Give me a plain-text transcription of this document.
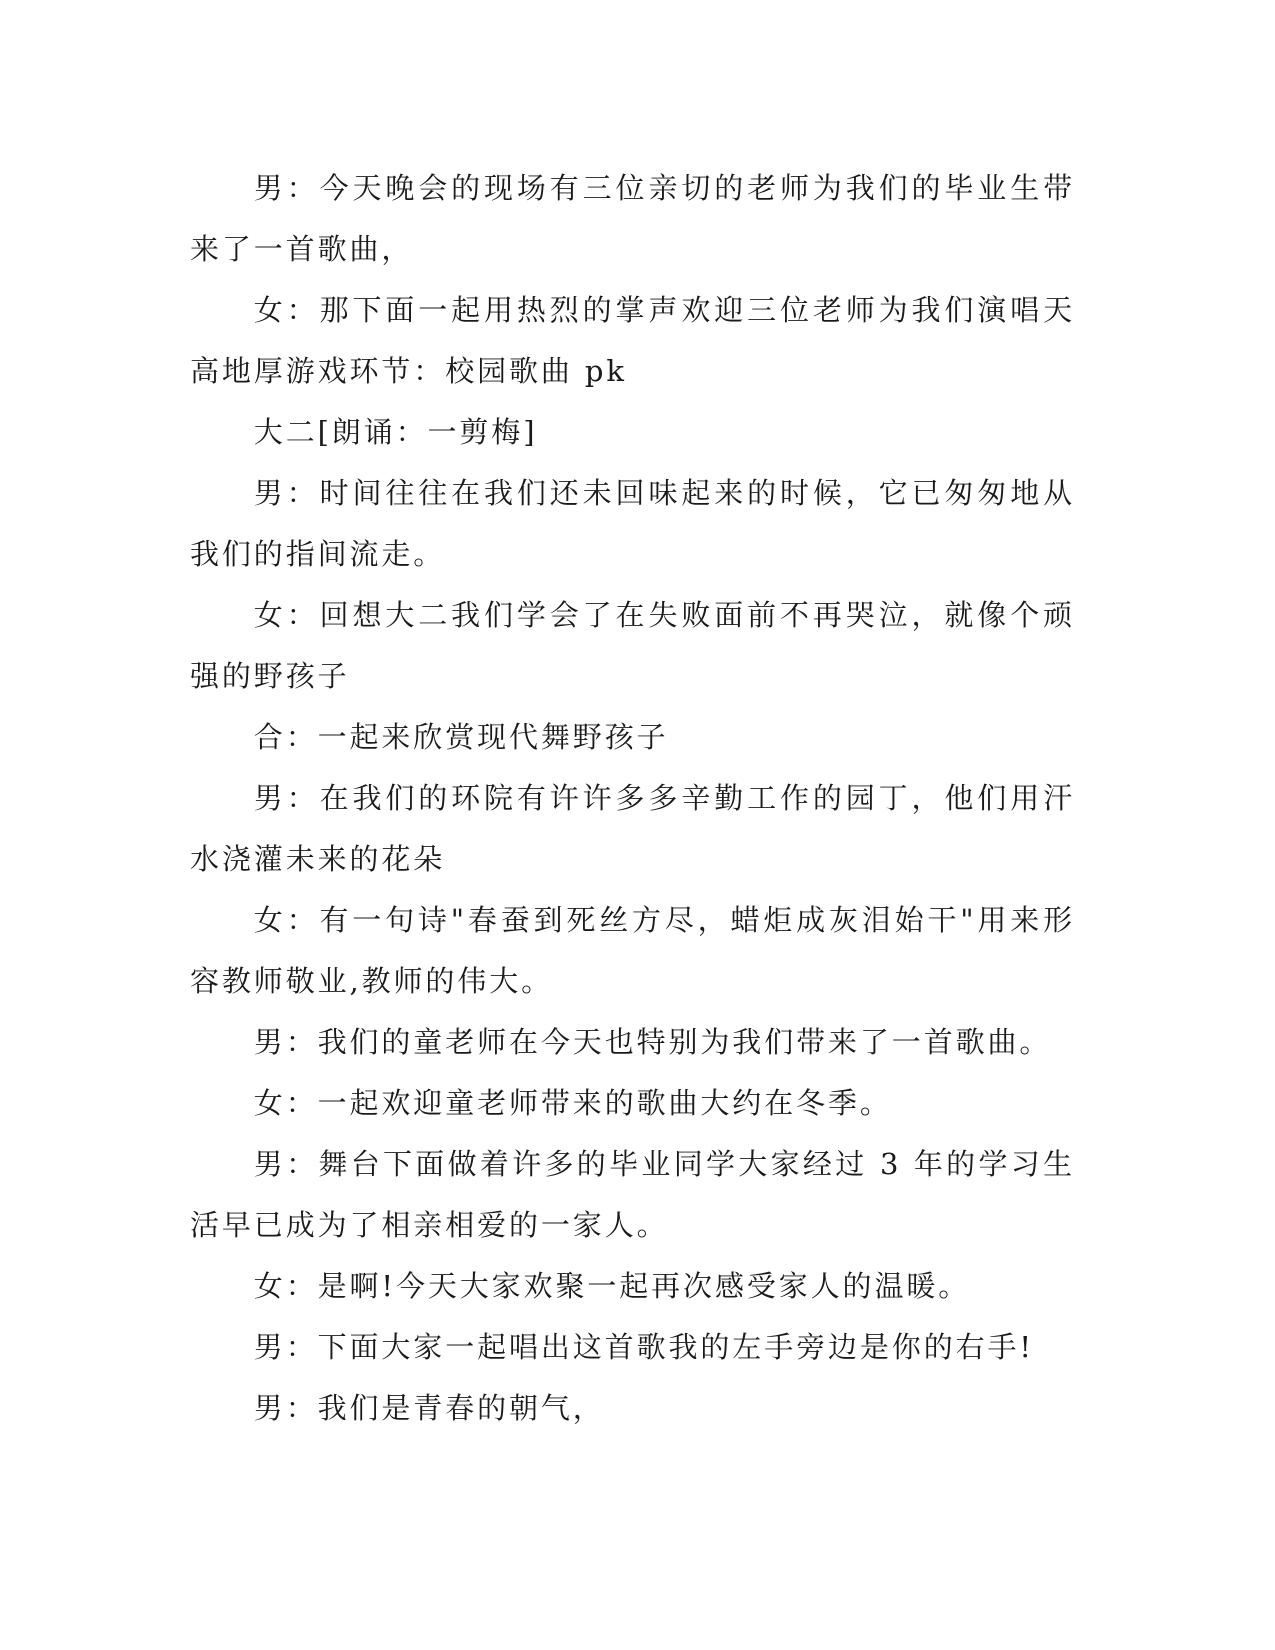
男：今天晚会的现场有三位亲切的老师为我们的毕业生带来了一首歌曲，

女：那下面一起用热烈的掌声欢迎三位老师为我们演唱天高地厚游戏环节：校园歌曲 pk

大二[朗诵：一剪梅]

男：时间往往在我们还未回味起来的时候，它已匆匆地从我们的指间流走。

女：回想大二我们学会了在失败面前不再哭泣，就像个顽强的野孩子

合：一起来欣赏现代舞野孩子

男：在我们的环院有许许多多辛勤工作的园丁，他们用汗水浇灌未来的花朵

女：有一句诗"春蚕到死丝方尽，蜡炬成灰泪始干"用来形容教师敬业,教师的伟大。

男：我们的童老师在今天也特别为我们带来了一首歌曲。

女：一起欢迎童老师带来的歌曲大约在冬季。

男：舞台下面做着许多的毕业同学大家经过 3 年的学习生活早已成为了相亲相爱的一家人。

女：是啊!今天大家欢聚一起再次感受家人的温暖。

男：下面大家一起唱出这首歌我的左手旁边是你的右手!

男：我们是青春的朝气，
